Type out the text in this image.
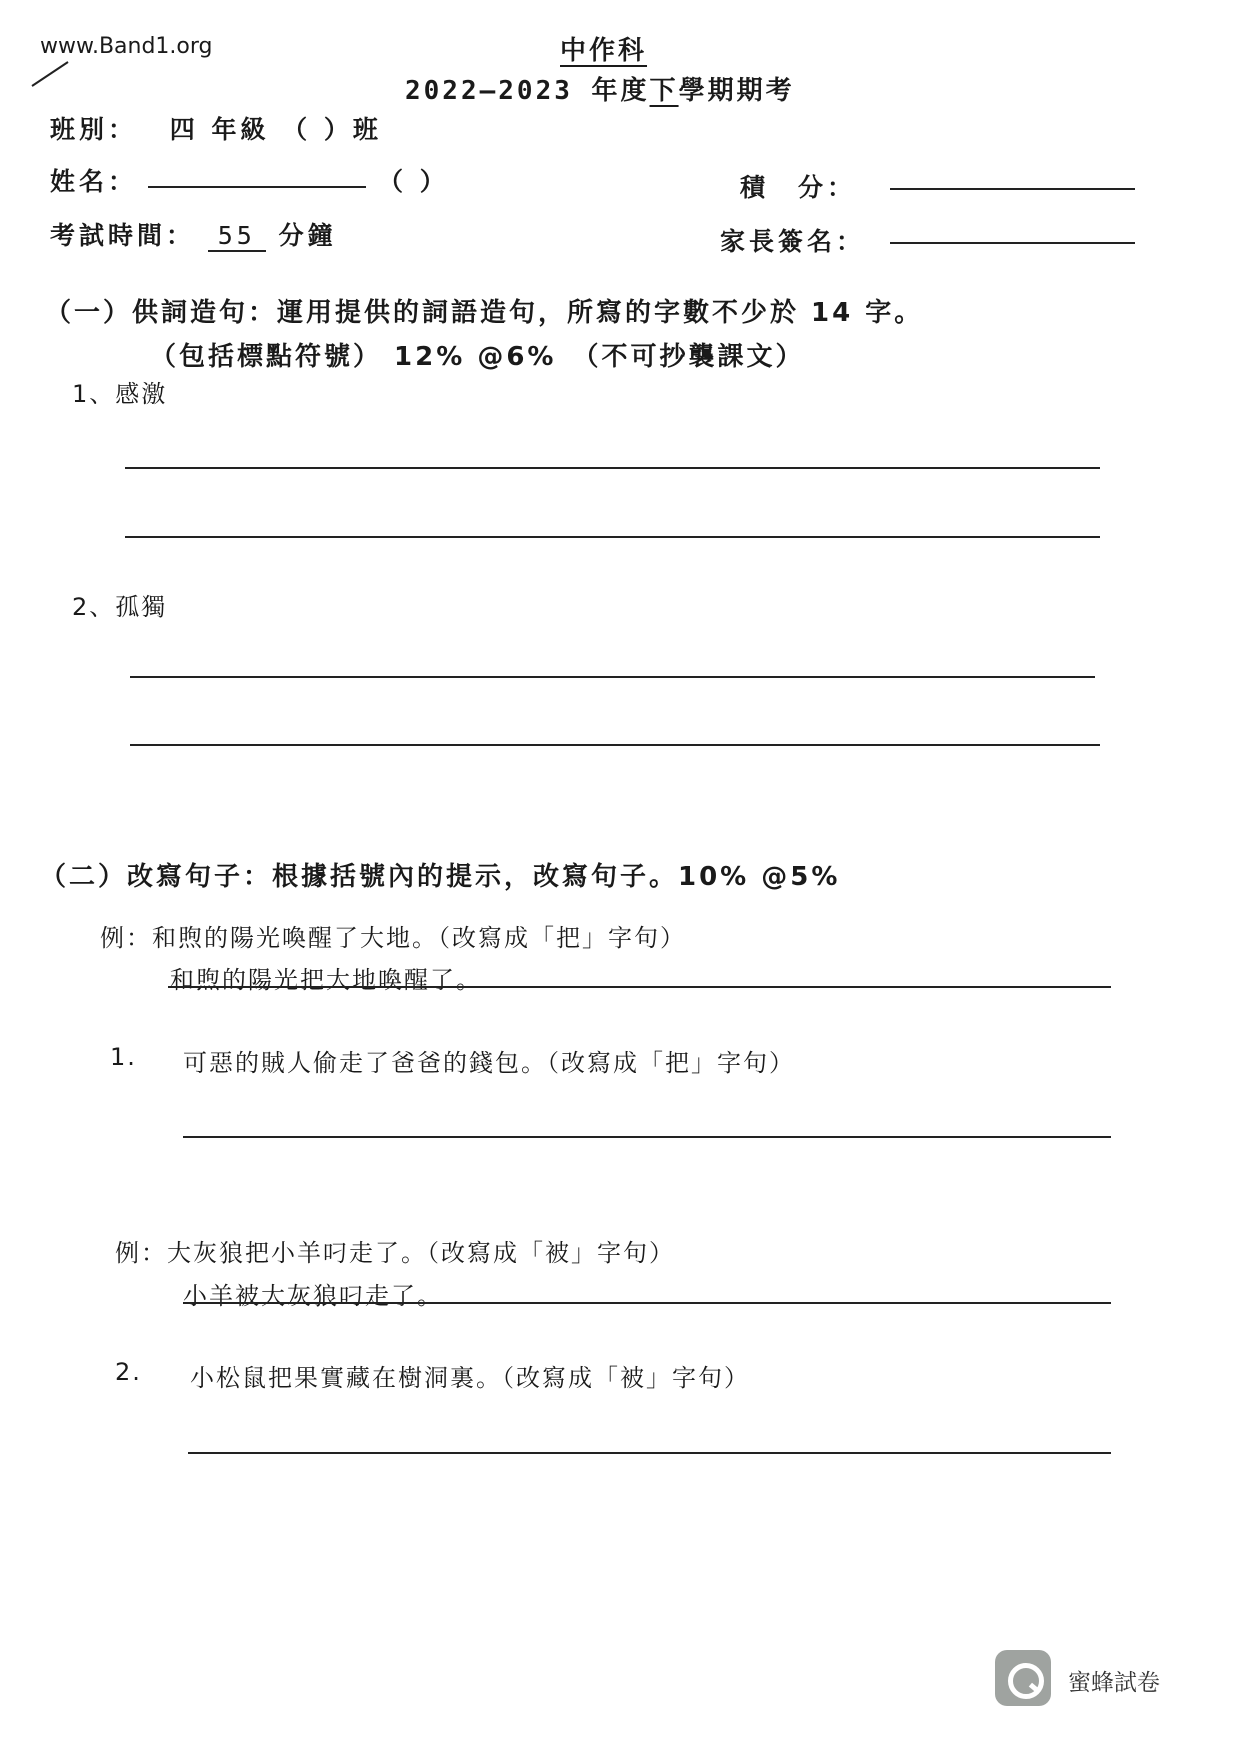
www.Band1.org	中作科
2022–2023 年度下學期期考
班別： 四 年級 （ ）班
姓名：	（ ）	積　分：
考試時間： 55 分鐘	家長簽名：
（一）供詞造句：運用提供的詞語造句，所寫的字數不少於 14 字。
（包括標點符號） 12% @6%　（不可抄襲課文）
1、感激
2、孤獨
（二）改寫句子：根據括號內的提示，改寫句子。10% @5%
例：和煦的陽光喚醒了大地。（改寫成「把」字句）
和煦的陽光把大地喚醒了。
1. 可惡的賊人偷走了爸爸的錢包。（改寫成「把」字句）
例：大灰狼把小羊叼走了。（改寫成「被」字句）
小羊被大灰狼叼走了。
2. 小松鼠把果實藏在樹洞裏。（改寫成「被」字句）
蜜蜂試卷
